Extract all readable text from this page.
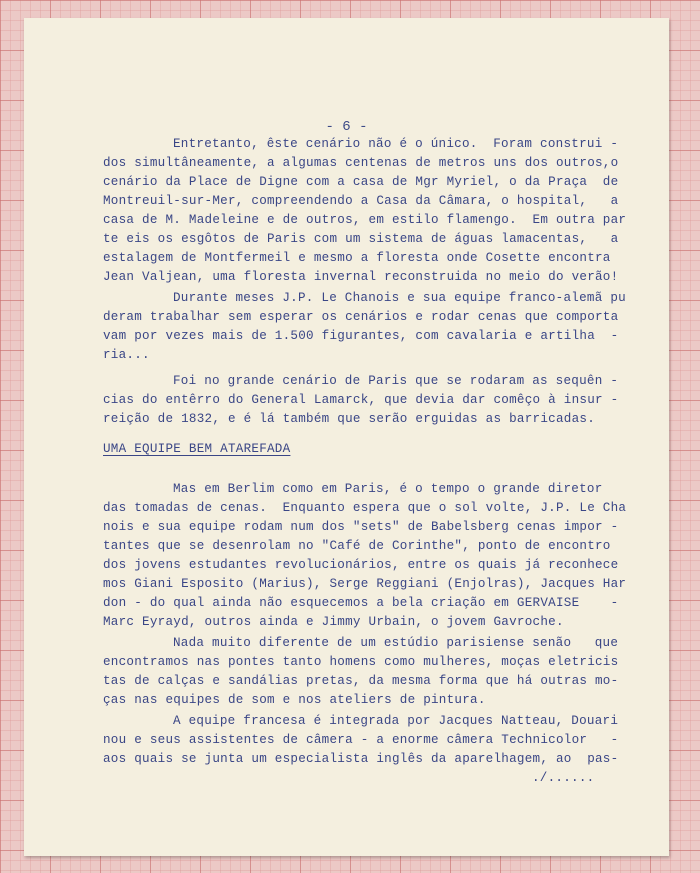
- 6 -
Entretanto, êste cenário não é o único.  Foram construi -
dos simultâneamente, a algumas centenas de metros uns dos outros,o
cenário da Place de Digne com a casa de Mgr Myriel, o da Praça  de
Montreuil-sur-Mer, compreendendo a Casa da Câmara, o hospital,   a
casa de M. Madeleine e de outros, em estilo flamengo.  Em outra par
te eis os esgôtos de Paris com um sistema de águas lamacentas,   a
estalagem de Montfermeil e mesmo a floresta onde Cosette encontra
Jean Valjean, uma floresta invernal reconstruida no meio do verão!
Durante meses J.P. Le Chanois e sua equipe franco-alemã pu
deram trabalhar sem esperar os cenários e rodar cenas que comporta
vam por vezes mais de 1.500 figurantes, com cavalaria e artilha  -
ria...
Foi no grande cenário de Paris que se rodaram as sequên -
cias do entêrro do General Lamarck, que devia dar comêço à insur -
reição de 1832, e é lá também que serão erguidas as barricadas.
UMA EQUIPE BEM ATAREFADA
Mas em Berlim como em Paris, é o tempo o grande diretor
das tomadas de cenas.  Enquanto espera que o sol volte, J.P. Le Cha
nois e sua equipe rodam num dos "sets" de Babelsberg cenas impor -
tantes que se desenrolam no "Café de Corinthe", ponto de encontro
dos jovens estudantes revolucionários, entre os quais já reconhece
mos Giani Esposito (Marius), Serge Reggiani (Enjolras), Jacques Har
don - do qual ainda não esquecemos a bela criação em GERVAISE    -
Marc Eyrayd, outros ainda e Jimmy Urbain, o jovem Gavroche.
Nada muito diferente de um estúdio parisiense senão   que
encontramos nas pontes tanto homens como mulheres, moças eletricis
tas de calças e sandálias pretas, da mesma forma que há outras mo-
ças nas equipes de som e nos ateliers de pintura.
A equipe francesa é integrada por Jacques Natteau, Douari
nou e seus assistentes de câmera - a enorme câmera Technicolor   -
aos quais se junta um especialista inglês da aparelhagem, ao  pas-
./......
